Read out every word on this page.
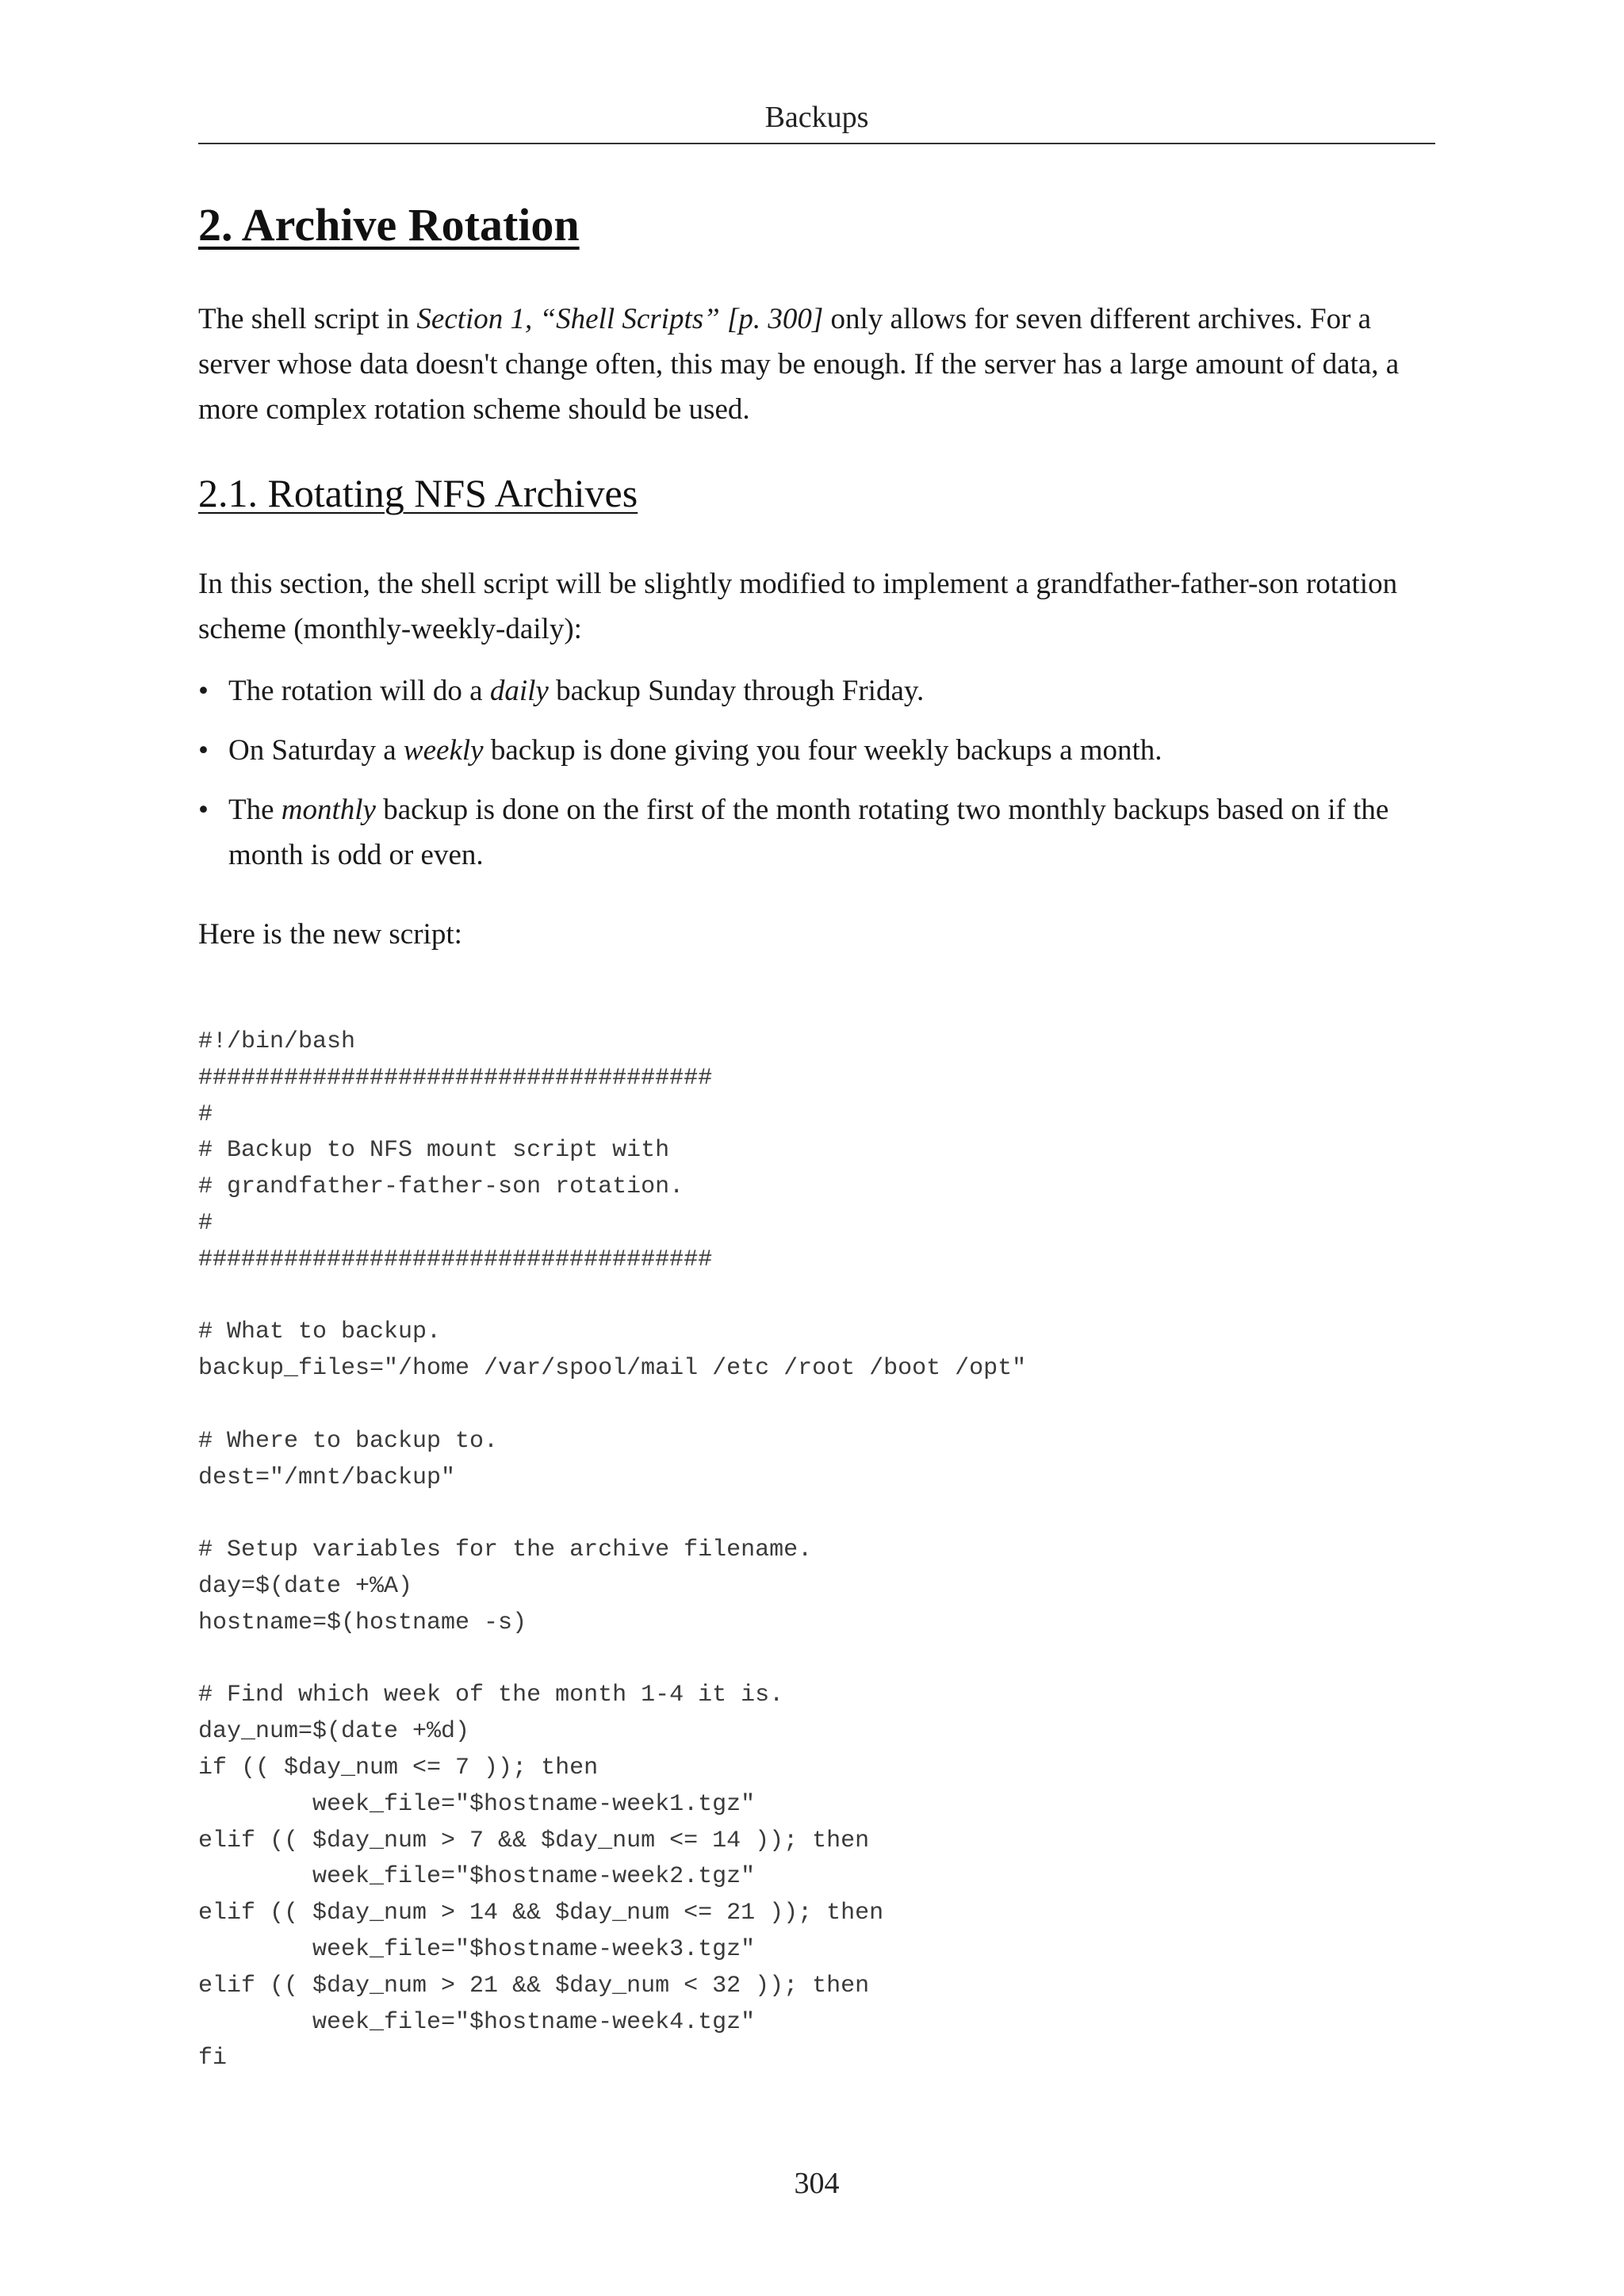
Backups
2. Archive Rotation

The shell script in Section 1, “Shell Scripts” [p. 300] only allows for seven different archives. For a server whose data doesn't change often, this may be enough. If the server has a large amount of data, a more complex rotation scheme should be used.

2.1. Rotating NFS Archives

In this section, the shell script will be slightly modified to implement a grandfather-father-son rotation scheme (monthly-weekly-daily):

• The rotation will do a daily backup Sunday through Friday.
• On Saturday a weekly backup is done giving you four weekly backups a month.
• The monthly backup is done on the first of the month rotating two monthly backups based on if the month is odd or even.

Here is the new script:

#!/bin/bash
####################################
#
# Backup to NFS mount script with
# grandfather-father-son rotation.
#
####################################

# What to backup.
backup_files="/home /var/spool/mail /etc /root /boot /opt"

# Where to backup to.
dest="/mnt/backup"

# Setup variables for the archive filename.
day=$(date +%A)
hostname=$(hostname -s)

# Find which week of the month 1-4 it is.
day_num=$(date +%d)
if (( $day_num <= 7 )); then
week_file="$hostname-week1.tgz"
elif (( $day_num > 7 && $day_num <= 14 )); then
week_file="$hostname-week2.tgz"
elif (( $day_num > 14 && $day_num <= 21 )); then
week_file="$hostname-week3.tgz"
elif (( $day_num > 21 && $day_num < 32 )); then
week_file="$hostname-week4.tgz"
fi
304
